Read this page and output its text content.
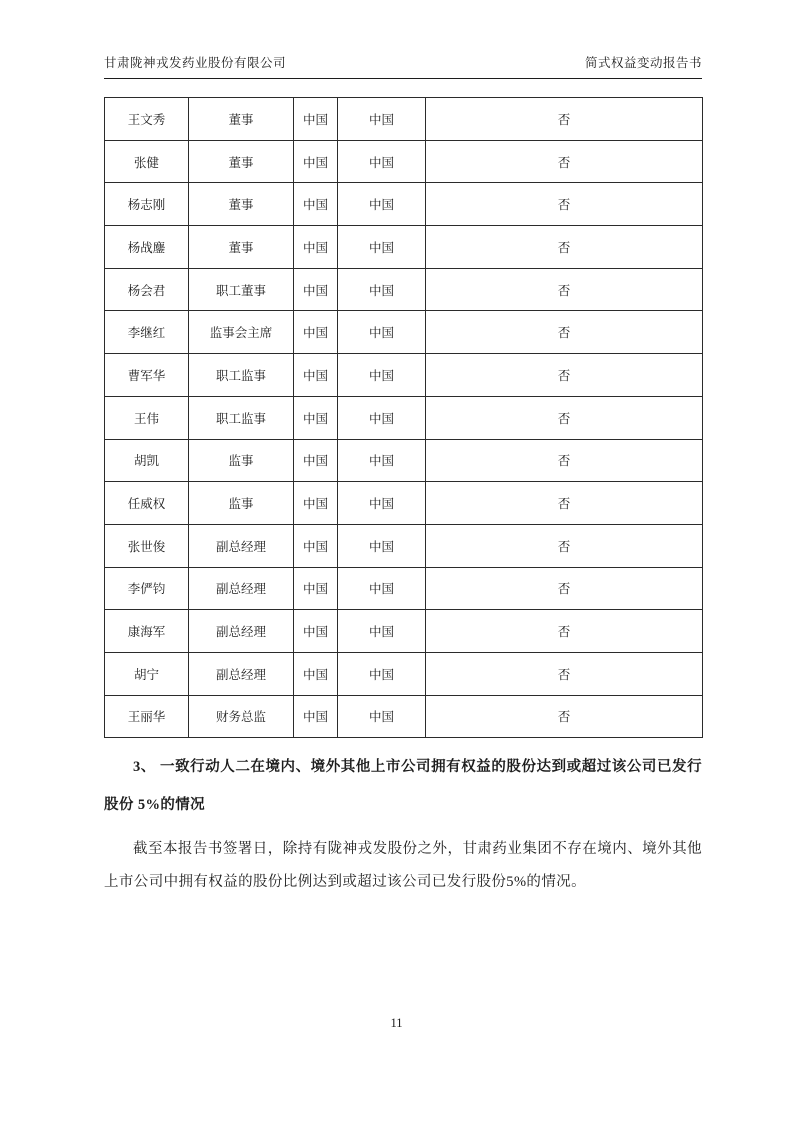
甘肃陇神戎发药业股份有限公司	简式权益变动报告书
王文秀	董事	中国	中国	否
张健	董事	中国	中国	否
杨志刚	董事	中国	中国	否
杨战鏖	董事	中国	中国	否
杨会君	职工董事	中国	中国	否
李继红	监事会主席	中国	中国	否
曹军华	职工监事	中国	中国	否
王伟	职工监事	中国	中国	否
胡凯	监事	中国	中国	否
任威权	监事	中国	中国	否
张世俊	副总经理	中国	中国	否
李俨钧	副总经理	中国	中国	否
康海军	副总经理	中国	中国	否
胡宁	副总经理	中国	中国	否
王丽华	财务总监	中国	中国	否
3、 一致行动人二在境内、境外其他上市公司拥有权益的股份达到或超过该公司已发行股份 5%的情况

截至本报告书签署日，除持有陇神戎发股份之外，甘肃药业集团不存在境内、境外其他上市公司中拥有权益的股份比例达到或超过该公司已发行股份5%的情况。

11
